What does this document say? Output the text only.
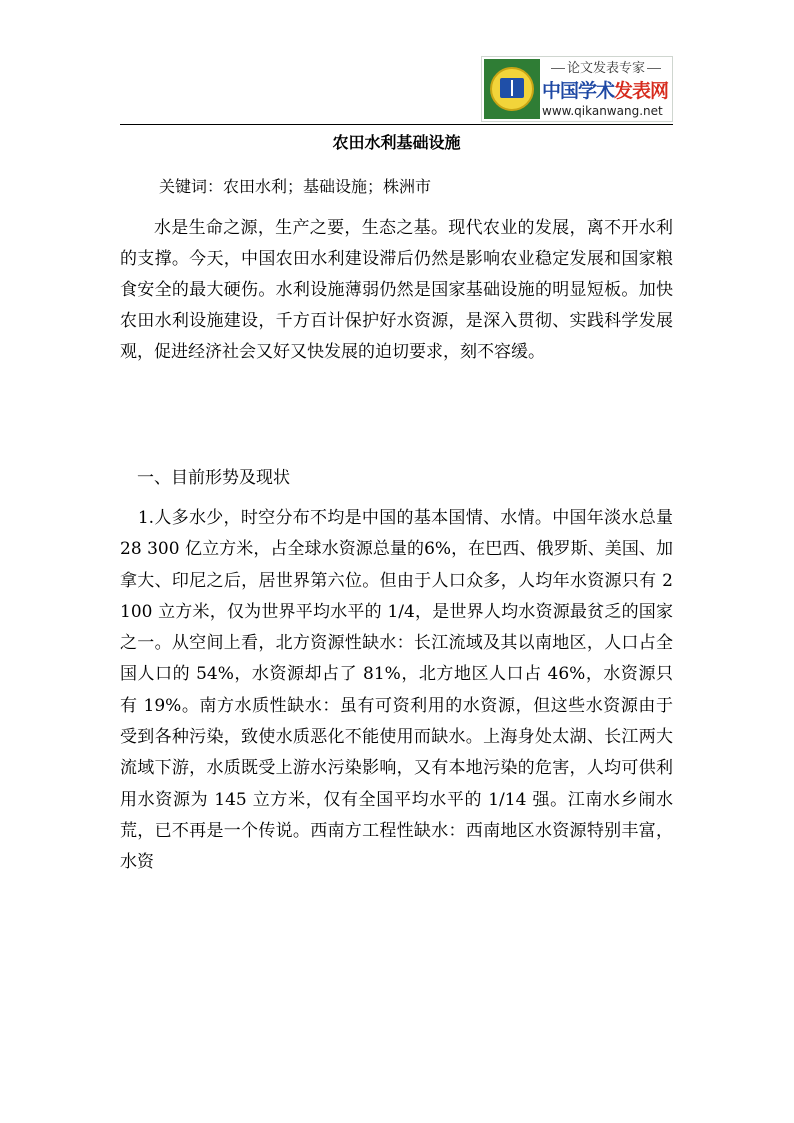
论文发表专家
中国学术发表网
www.qikanwang.net
农田水利基础设施
关键词：农田水利；基础设施；株洲市

水是生命之源，生产之要，生态之基。现代农业的发展，离不开水利的支撑。今天，中国农田水利建设滞后仍然是影响农业稳定发展和国家粮食安全的最大硬伤。水利设施薄弱仍然是国家基础设施的明显短板。加快农田水利设施建设，千方百计保护好水资源，是深入贯彻、实践科学发展观，促进经济社会又好又快发展的迫切要求，刻不容缓。

一、目前形势及现状

1.人多水少，时空分布不均是中国的基本国情、水情。中国年淡水总量 28 300 亿立方米，占全球水资源总量的6%，在巴西、俄罗斯、美国、加拿大、印尼之后，居世界第六位。但由于人口众多，人均年水资源只有 2 100 立方米，仅为世界平均水平的 1/4，是世界人均水资源最贫乏的国家之一。从空间上看，北方资源性缺水：长江流域及其以南地区，人口占全国人口的 54%，水资源却占了 81%，北方地区人口占 46%，水资源只有 19%。南方水质性缺水：虽有可资利用的水资源，但这些水资源由于受到各种污染，致使水质恶化不能使用而缺水。上海身处太湖、长江两大流域下游，水质既受上游水污染影响，又有本地污染的危害，人均可供利用水资源为 145 立方米，仅有全国平均水平的 1/14 强。江南水乡闹水荒，已不再是一个传说。西南方工程性缺水：西南地区水资源特别丰富，水资
